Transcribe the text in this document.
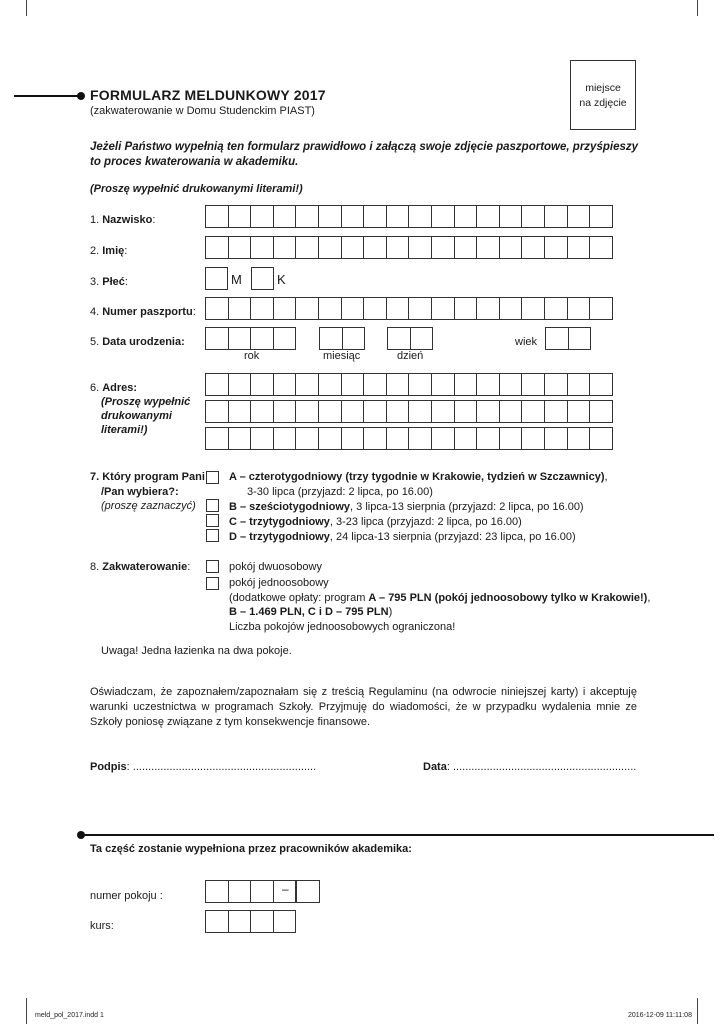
FORMULARZ MELDUNKOWY 2017
(zakwaterowanie w Domu Studenckim PIAST)
miejsce
na zdjęcie
Jeżeli Państwo wypełnią ten formularz prawidłowo i załączą swoje zdjęcie paszportowe, przyśpieszy to proces kwaterowania w akademiku.
(Proszę wypełnić drukowanymi literami!)
1. Nazwisko:
2. Imię:
3. Płeć:	M	K
4. Numer paszportu:
5. Data urodzenia:
rok	miesiąc	dzień
wiek
6. Adres:
(Proszę wypełnić
drukowanymi
literami!)
7. Który program Pani
/Pan wybiera?:
(proszę zaznaczyć)
A – czterotygodniowy (trzy tygodnie w Krakowie, tydzień w Szczawnicy),
3-30 lipca (przyjazd: 2 lipca, po 16.00)
B – sześciotygodniowy, 3 lipca-13 sierpnia (przyjazd: 2 lipca, po 16.00)
C – trzytygodniowy, 3-23 lipca (przyjazd: 2 lipca, po 16.00)
D – trzytygodniowy, 24 lipca-13 sierpnia (przyjazd: 23 lipca, po 16.00)
8. Zakwaterowanie:	pokój dwuosobowy
pokój jednoosobowy
(dodatkowe opłaty: program A – 795 PLN (pokój jednoosobowy tylko w Krakowie!),
B – 1.469 PLN, C i D – 795 PLN)
Liczba pokojów jednoosobowych ograniczona!
Uwaga! Jedna łazienka na dwa pokoje.
Oświadczam, że zapoznałem/zapoznałam się z treścią Regulaminu (na odwrocie niniejszej karty) i akceptuję warunki uczestnictwa w programach Szkoły. Przyjmuję do wiadomości, że w przypadku wydalenia mnie ze Szkoły poniosę związane z tym konsekwencje finansowe.
Podpis: ............................................................	Data: ............................................................
Ta część zostanie wypełniona przez pracowników akademika:
numer pokoju :	–
kurs:
meld_pol_2017.indd 1	2016-12-09 11:11:08
